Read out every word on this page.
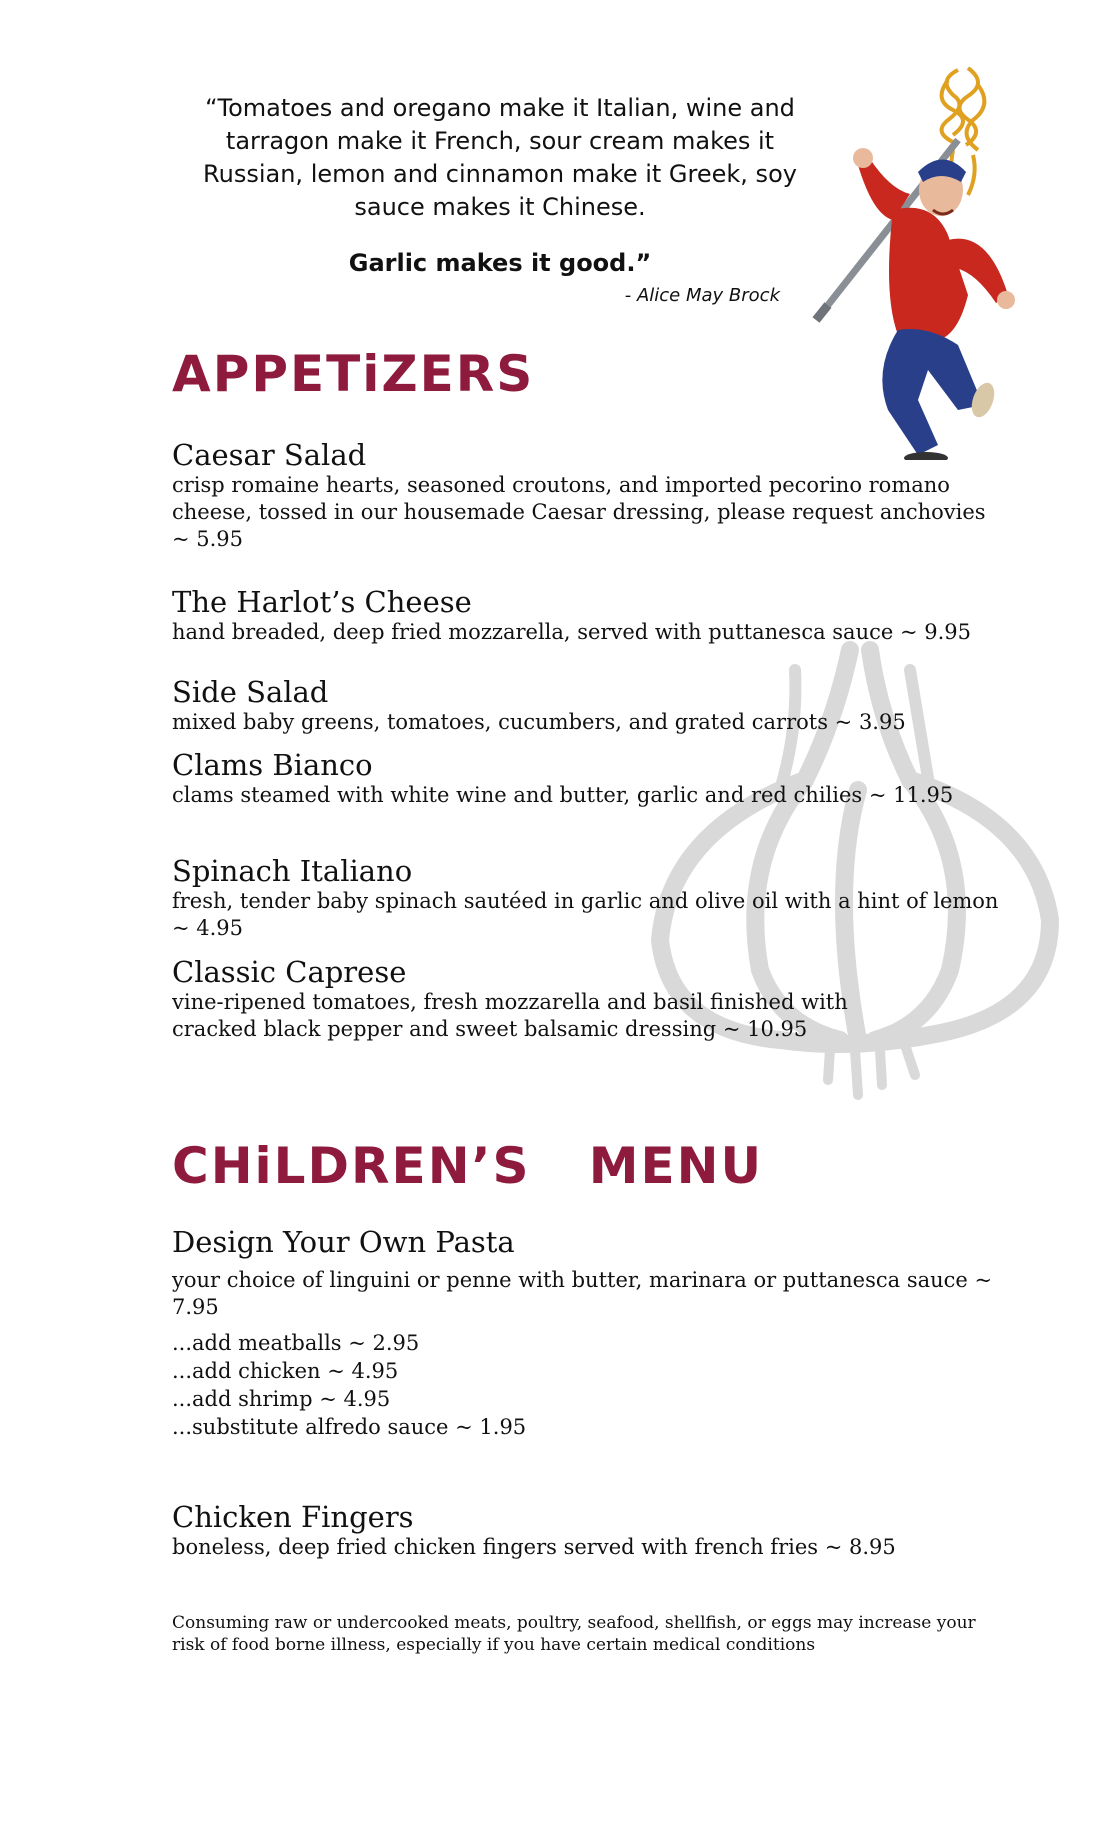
“Tomatoes and oregano make it Italian, wine and tarragon make it French, sour cream makes it Russian, lemon and cinnamon make it Greek, soy sauce makes it Chinese.

Garlic makes it good.”

- Alice May Brock

APPETiZERS

Caesar Salad

crisp romaine hearts, seasoned croutons, and imported pecorino romano cheese, tossed in our housemade Caesar dressing, please request anchovies ~ 5.95

The Harlot’s Cheese

hand breaded, deep fried mozzarella, served with puttanesca sauce ~ 9.95

Side Salad

mixed baby greens, tomatoes, cucumbers, and grated carrots ~ 3.95

Clams Bianco

clams steamed with white wine and butter, garlic and red chilies ~ 11.95

Spinach Italiano

fresh, tender baby spinach sautéed in garlic and olive oil with a hint of lemon ~ 4.95

Classic Caprese

vine-ripened tomatoes, fresh mozzarella and basil finished with cracked black pepper and sweet balsamic dressing ~ 10.95

CHiLDREN’S   MENU

Design Your Own Pasta

your choice of linguini or penne with butter, marinara or puttanesca sauce ~ 7.95

...add meatballs ~ 2.95
...add chicken ~ 4.95
...add shrimp ~ 4.95
...substitute alfredo sauce ~ 1.95

Chicken Fingers

boneless, deep fried chicken fingers served with french fries ~ 8.95

Consuming raw or undercooked meats, poultry, seafood, shellfish, or eggs may increase your risk of food borne illness, especially if you have certain medical conditions
